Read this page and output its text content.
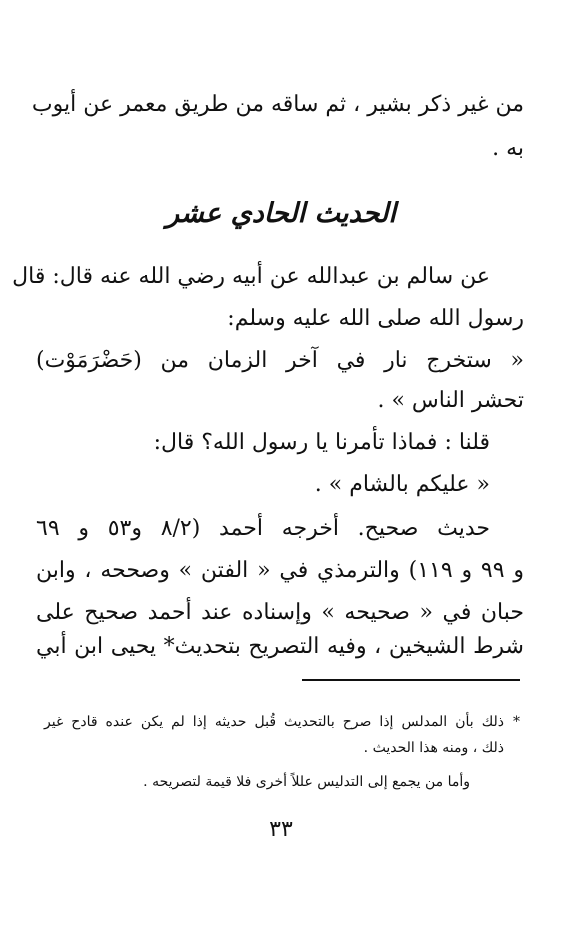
من غير ذكر بشير ، ثم ساقه من طريق معمر عن أيوب
به .
الحديث الحادي عشر
عن سالم بن عبدالله عن أبيه رضي الله عنه قال: قال
رسول الله صلى الله عليه وسلم:
« ستخرج نار في آخر الزمان من (حَضْرَمَوْت)
تحشر الناس » .
قلنا : فماذا تأمرنا يا رسول الله؟ قال:
« عليكم بالشام » .
حديث صحيح. أخرجه أحمد (٨/٢ و٥٣ و ٦٩
و ٩٩ و ١١٩) والترمذي في « الفتن » وصححه ، وابن
حبان في « صحيحه » وإسناده عند أحمد صحيح على
شرط الشيخين ، وفيه التصريح بتحديث* يحيى ابن أبي
*
ذلك بأن المدلس إذا صرح بالتحديث قُبل حديثه إذا لم يكن عنده قادح غير
ذلك ، ومنه هذا الحديث .
وأما من يجمع إلى التدليس عللاً أخرى فلا قيمة لتصريحه .
٣٣
